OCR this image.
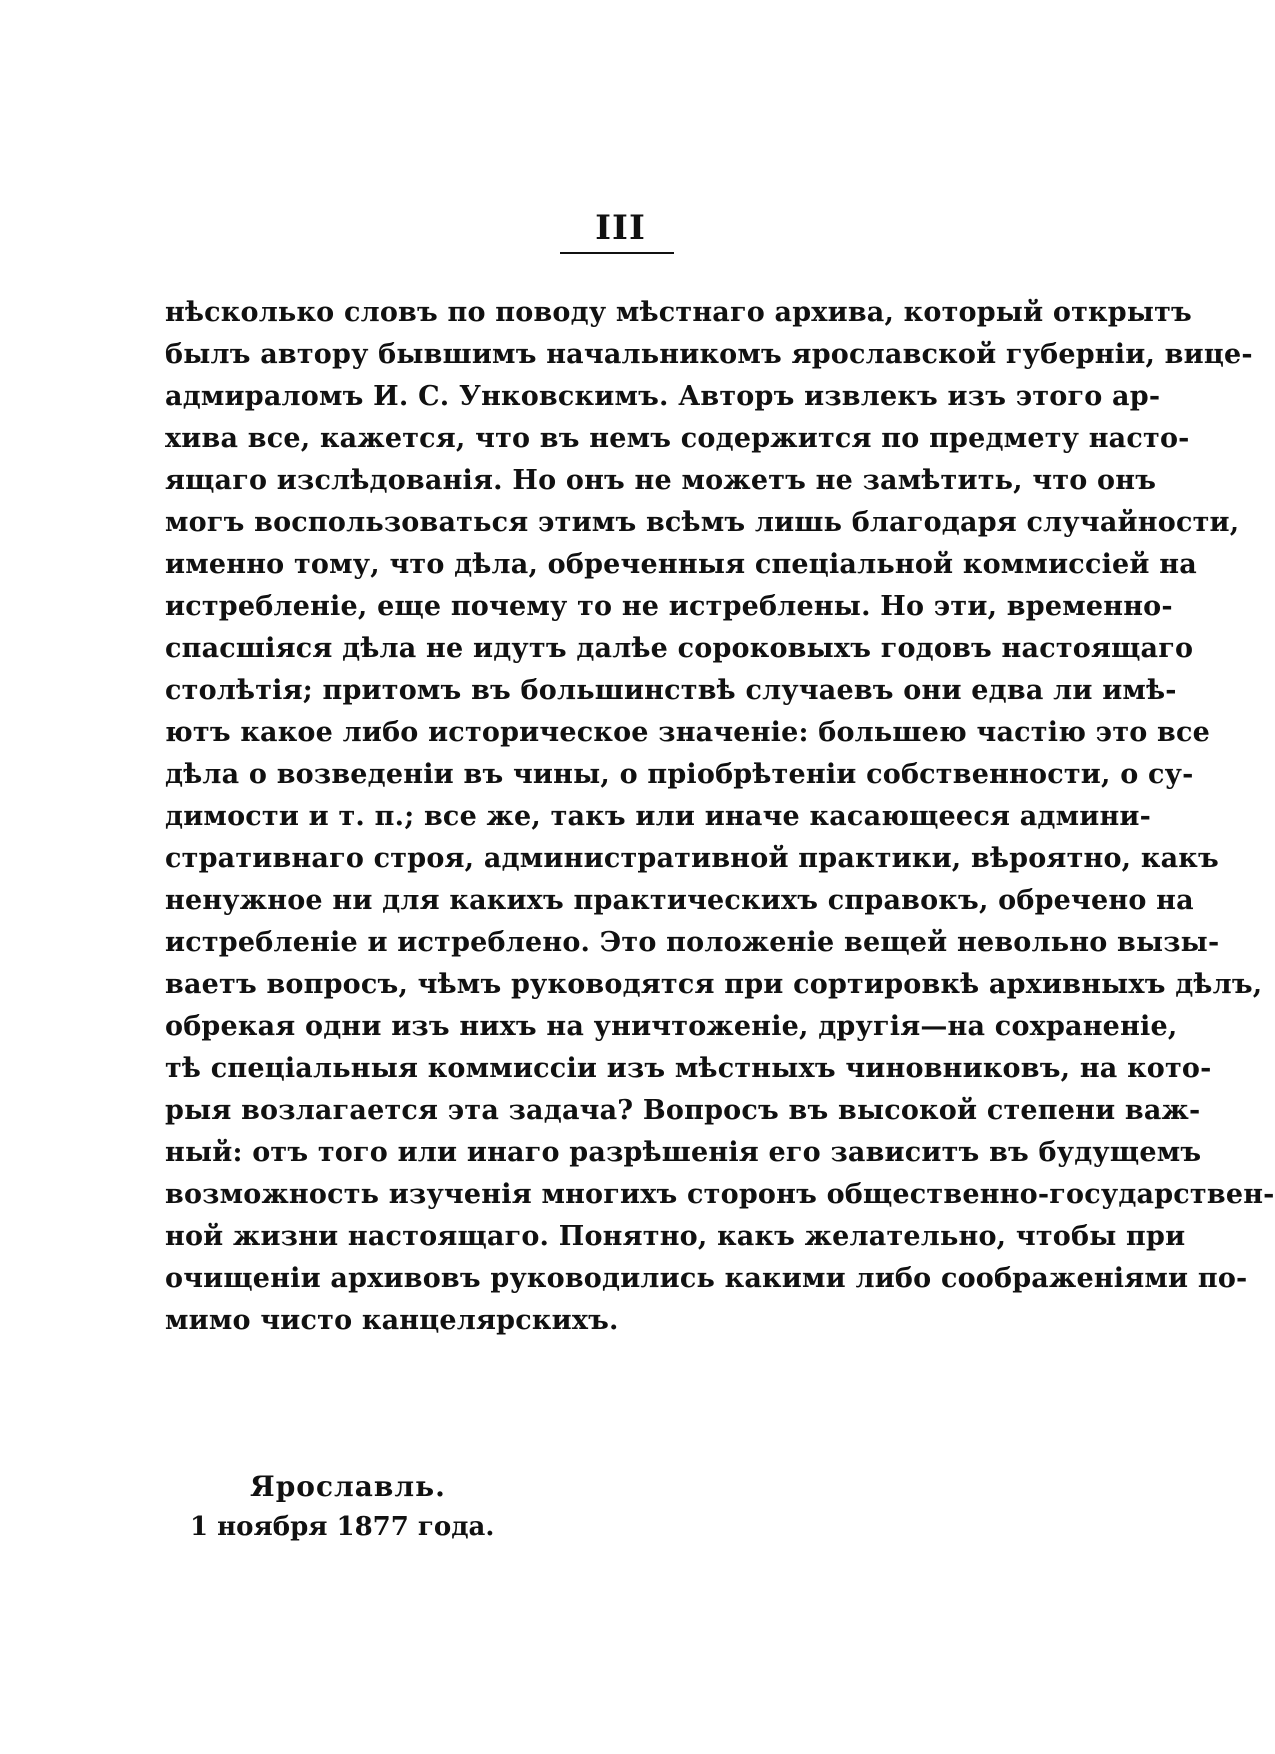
III
нѣсколько словъ по поводу мѣстнаго архива, который открытъ
былъ автору бывшимъ начальникомъ ярославской губерніи, вице-
адмираломъ И. С. Унковскимъ. Авторъ извлекъ изъ этого ар-
хива все, кажется, что въ немъ содержится по предмету насто-
ящаго изслѣдованія. Но онъ не можетъ не замѣтить, что онъ
могъ воспользоваться этимъ всѣмъ лишь благодаря случайности,
именно тому, что дѣла, обреченныя спеціальной коммиссіей на
истребленіе, еще почему то не истреблены. Но эти, временно-
спасшіяся дѣла не идутъ далѣе сороковыхъ годовъ настоящаго
столѣтія; притомъ въ большинствѣ случаевъ они едва ли имѣ-
ютъ какое либо историческое значеніе: большею частію это все
дѣла о возведеніи въ чины, о пріобрѣтеніи собственности, о су-
димости и т. п.; все же, такъ или иначе касающееся админи-
стративнаго строя, административной практики, вѣроятно, какъ
ненужное ни для какихъ практическихъ справокъ, обречено на
истребленіе и истреблено. Это положеніе вещей невольно вызы-
ваетъ вопросъ, чѣмъ руководятся при сортировкѣ архивныхъ дѣлъ,
обрекая одни изъ нихъ на уничтоженіе, другія—на сохраненіе,
тѣ спеціальныя коммиссіи изъ мѣстныхъ чиновниковъ, на кото-
рыя возлагается эта задача? Вопросъ въ высокой степени важ-
ный: отъ того или инаго разрѣшенія его зависитъ въ будущемъ
возможность изученія многихъ сторонъ общественно-государствен-
ной жизни настоящаго. Понятно, какъ желательно, чтобы при
очищеніи архивовъ руководились какими либо соображеніями по-
мимо чисто канцелярскихъ.
Ярославль.
1 ноября 1877 года.
